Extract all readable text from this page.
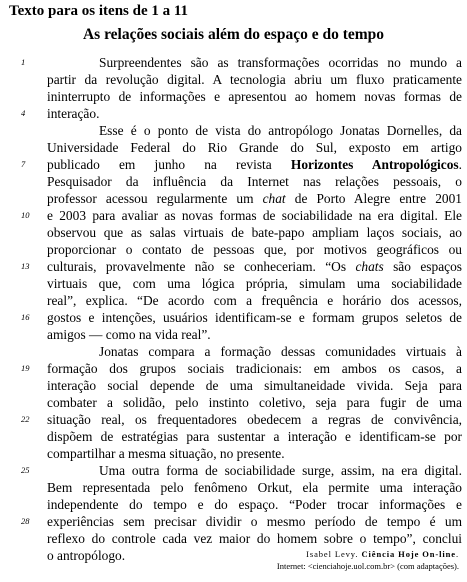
Texto para os itens de 1 a 11
As relações sociais além do espaço e do tempo
1	Surpreendentes são as transformações ocorridas no mundo a
partir da revolução digital. A tecnologia abriu um fluxo praticamente
ininterrupto de informações e apresentou ao homem novas formas de
4	interação.
Esse é o ponto de vista do antropólogo Jonatas Dornelles, da
Universidade Federal do Rio Grande do Sul, exposto em artigo
7	publicado em junho na revista Horizontes Antropológicos.
Pesquisador da influência da Internet nas relações pessoais, o
professor acessou regularmente um chat de Porto Alegre entre 2001
10	e 2003 para avaliar as novas formas de sociabilidade na era digital. Ele
observou que as salas virtuais de bate-papo ampliam laços sociais, ao
proporcionar o contato de pessoas que, por motivos geográficos ou
13	culturais, provavelmente não se conheceriam. “Os chats são espaços
virtuais que, com uma lógica própria, simulam uma sociabilidade
real”, explica. “De acordo com a frequência e horário dos acessos,
16	gostos e intenções, usuários identificam-se e formam grupos seletos de
amigos — como na vida real”.
Jonatas compara a formação dessas comunidades virtuais à
19	formação dos grupos sociais tradicionais: em ambos os casos, a
interação social depende de uma simultaneidade vivida. Seja para
combater a solidão, pelo instinto coletivo, seja para fugir de uma
22	situação real, os frequentadores obedecem a regras de convivência,
dispõem de estratégias para sustentar a interação e identificam-se por
compartilhar a mesma situação, no presente.
25	Uma outra forma de sociabilidade surge, assim, na era digital.
Bem representada pelo fenômeno Orkut, ela permite uma interação
independente do tempo e do espaço. “Poder trocar informações e
28	experiências sem precisar dividir o mesmo período de tempo é um
reflexo do controle cada vez maior do homem sobre o tempo”, conclui
o antropólogo.	Isabel Levy. Ciência Hoje On-line.
Internet: <cienciahoje.uol.com.br> (com adaptações).
